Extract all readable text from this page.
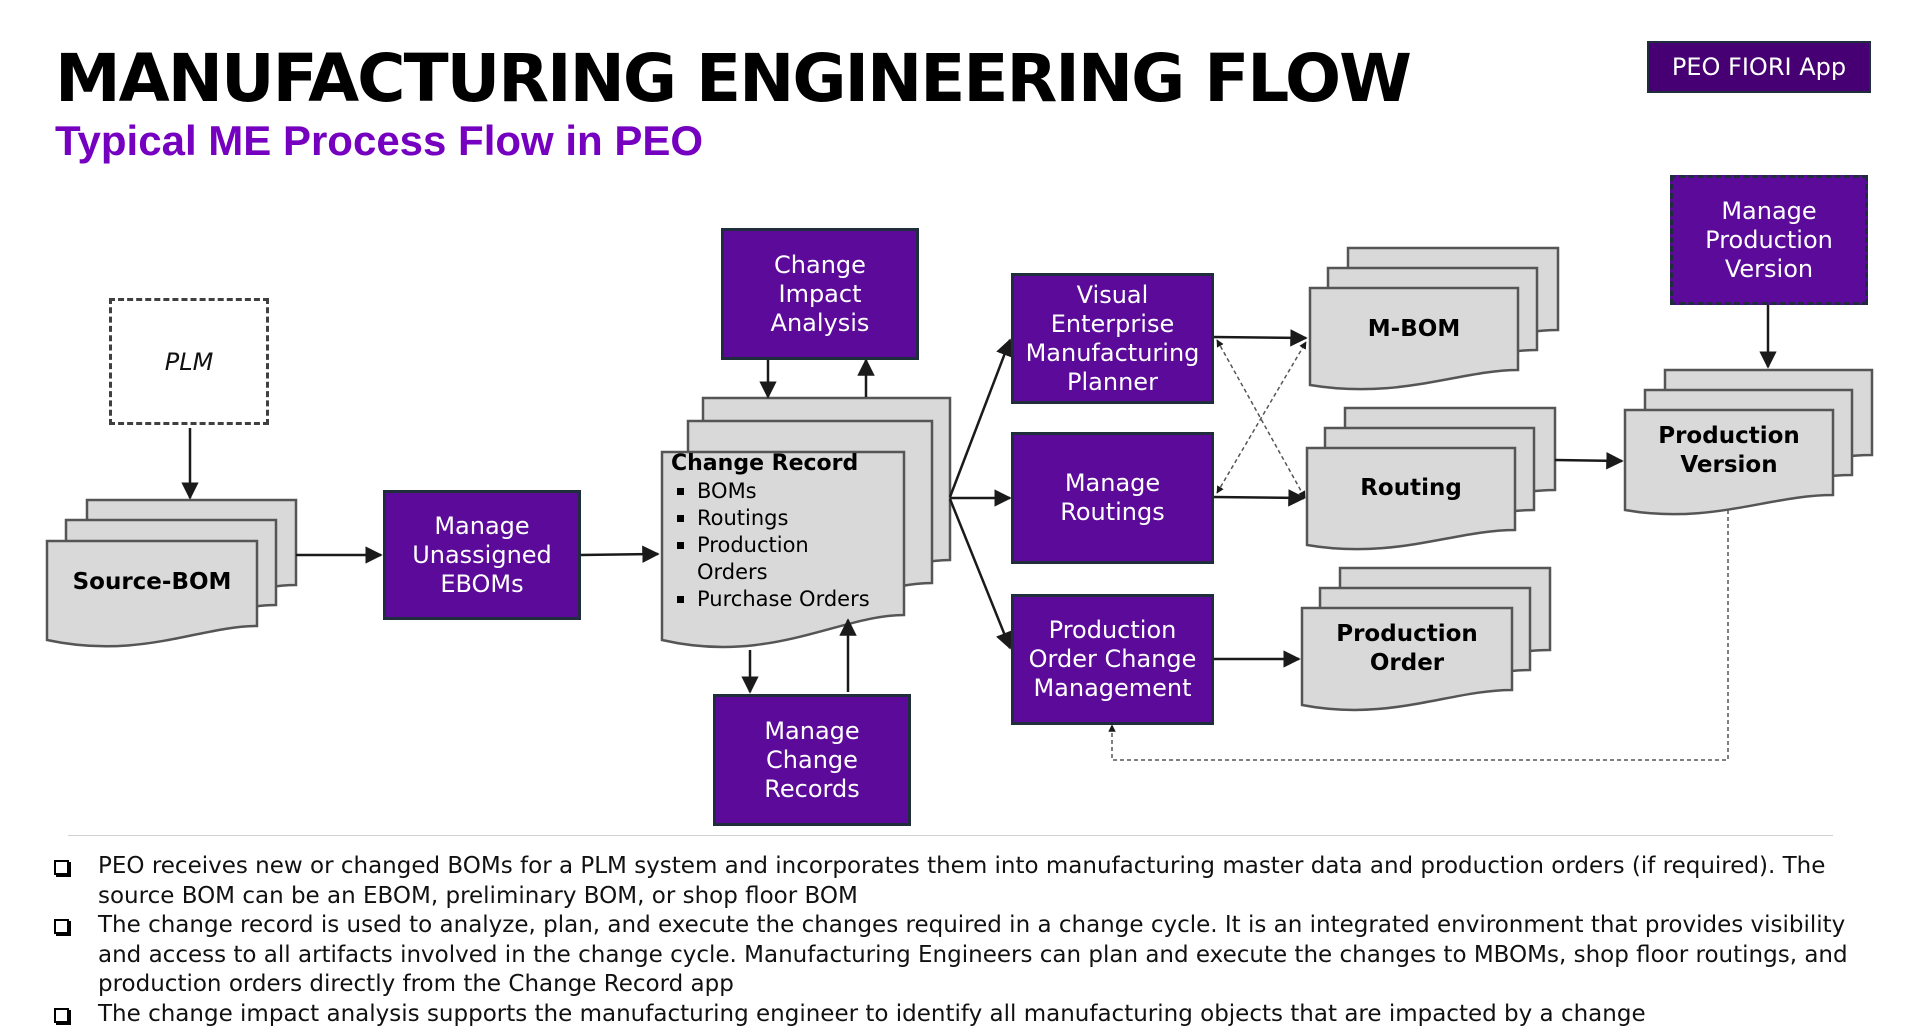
MANUFACTURING ENGINEERING FLOW
Typical ME Process Flow in PEO
PEO FIORI App
PLM
Source-BOM
M-BOM
Routing
Production
Order
Production
Version
Change Record
BOMs
Routings
Production
Orders
Purchase Orders
Manage
Unassigned
EBOMs
Change
Impact
Analysis
Manage
Change
Records
Visual
Enterprise
Manufacturing
Planner
Manage
Routings
Production
Order Change
Management
Manage
Production
Version
PEO receives new or changed BOMs for a PLM system and incorporates them into manufacturing master data and production orders (if required). The source BOM can be an EBOM, preliminary BOM, or shop floor BOM
The change record is used to analyze, plan, and execute the changes required in a change cycle. It is an integrated environment that provides visibility and access to all artifacts involved in the change cycle. Manufacturing Engineers can plan and execute the changes to MBOMs, shop floor routings, and production orders directly from the Change Record app
The change impact analysis supports the manufacturing engineer to identify all manufacturing objects that are impacted by a change
